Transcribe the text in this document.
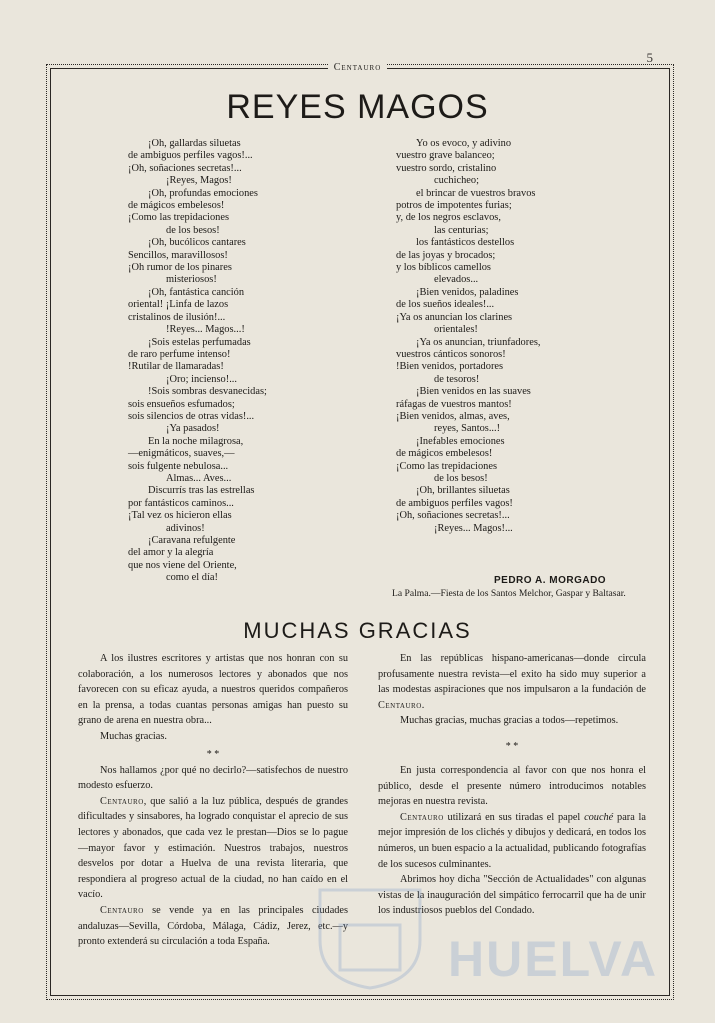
5
Centauro
REYES MAGOS
¡Oh, gallardas siluetas
de ambiguos perfiles vagos!...
¡Oh, soñaciones secretas!...
¡Reyes, Magos!
¡Oh, profundas emociones
de mágicos embelesos!
¡Como las trepidaciones
de los besos!
¡Oh, bucólicos cantares
Sencillos, maravillosos!
¡Oh rumor de los pinares
misteriosos!
¡Oh, fantástica canción
oriental! ¡Linfa de lazos
cristalinos de ilusión!...
!Reyes... Magos...!
¡Sois estelas perfumadas
de raro perfume intenso!
!Rutilar de llamaradas!
¡Oro; incienso!...
!Sois sombras desvanecidas;
sois ensueños esfumados;
sois silencios de otras vidas!...
¡Ya pasados!
En la noche milagrosa,
—enigmáticos, suaves,—
sois fulgente nebulosa...
Almas... Aves...
Discurrís tras las estrellas
por fantásticos caminos...
¡Tal vez os hicieron ellas
adivinos!
¡Caravana refulgente
del amor y la alegría
que nos viene del Oriente,
como el día!
Yo os evoco, y adivino
vuestro grave balanceo;
vuestro sordo, cristalino
cuchicheo;
el brincar de vuestros bravos
potros de impotentes furias;
y, de los negros esclavos,
las centurias;
los fantásticos destellos
de las joyas y brocados;
y los bíblicos camellos
elevados...
¡Bien venidos, paladines
de los sueños ideales!...
¡Ya os anuncian los clarines
orientales!
¡Ya os anuncian, triunfadores,
vuestros cánticos sonoros!
!Bien venidos, portadores
de tesoros!
¡Bien venidos en las suaves
ráfagas de vuestros mantos!
¡Bien venidos, almas, aves,
reyes, Santos...!
¡Inefables emociones
de mágicos embelesos!
¡Como las trepidaciones
de los besos!
¡Oh, brillantes siluetas
de ambiguos perfiles vagos!
¡Oh, soñaciones secretas!...
¡Reyes... Magos!...
PEDRO A. MORGADO
La Palma.—Fiesta de los Santos Melchor, Gaspar y Baltasar.
MUCHAS GRACIAS

A los ilustres escritores y artistas que nos honran con su colaboración, a los numerosos lectores y abonados que nos favorecen con su eficaz ayuda, a nuestros queridos compañeros en la prensa, a todas cuantas personas amigas han puesto su grano de arena en nuestra obra...

Muchas gracias.

* *

Nos hallamos ¿por qué no decirlo?—satisfechos de nuestro modesto esfuerzo.

Centauro, que salió a la luz pública, después de grandes dificultades y sinsabores, ha logrado conquistar el aprecio de sus lectores y abonados, que cada vez le prestan—Dios se lo pague—mayor favor y estimación. Nuestros trabajos, nuestros desvelos por dotar a Huelva de una revista literaria, que respondiera al progreso actual de la ciudad, no han caído en el vacío.

Centauro se vende ya en las principales ciudades andaluzas—Sevilla, Córdoba, Málaga, Cádiz, Jerez, etc.—y pronto extenderá su circulación a toda España.

En las repúblicas hispano-americanas—donde circula profusamente nuestra revista—el exito ha sido muy superior a las modestas aspiraciones que nos impulsaron a la fundación de Centauro.

Muchas gracias, muchas gracias a todos—repetimos.

* *

En justa correspondencia al favor con que nos honra el público, desde el presente número introducimos notables mejoras en nuestra revista.

Centauro utilizará en sus tiradas el papel couché para la mejor impresión de los clichés y dibujos y dedicará, en todos los números, un buen espacio a la actualidad, publicando fotografías de los sucesos culminantes.

Abrimos hoy dicha "Sección de Actualidades" con algunas vistas de la inauguración del simpático ferrocarril que ha de unir los industriosos pueblos del Condado.

HUELVA
